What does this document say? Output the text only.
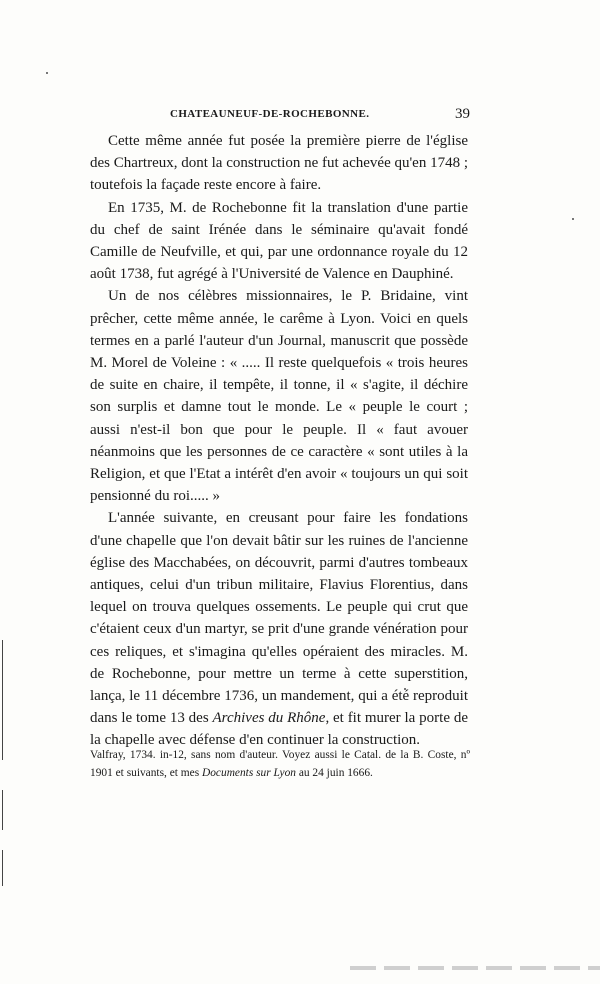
CHATEAUNEUF-DE-ROCHEBONNE.	39

Cette même année fut posée la première pierre de l'église des Chartreux, dont la construction ne fut achevée qu'en 1748 ; toutefois la façade reste encore à faire.

En 1735, M. de Rochebonne fit la translation d'une partie du chef de saint Irénée dans le séminaire qu'avait fondé Camille de Neufville, et qui, par une ordonnance royale du 12 août 1738, fut agrégé à l'Université de Valence en Dauphiné.

Un de nos célèbres missionnaires, le P. Bridaine, vint prêcher, cette même année, le carême à Lyon. Voici en quels termes en a parlé l'auteur d'un Journal, manuscrit que possède M. Morel de Voleine : « ..... Il reste quelquefois « trois heures de suite en chaire, il tempête, il tonne, il « s'agite, il déchire son surplis et damne tout le monde. Le « peuple le court ; aussi n'est-il bon que pour le peuple. Il « faut avouer néanmoins que les personnes de ce caractère « sont utiles à la Religion, et que l'Etat a intérêt d'en avoir « toujours un qui soit pensionné du roi..... »

L'année suivante, en creusant pour faire les fondations d'une chapelle que l'on devait bâtir sur les ruines de l'ancienne église des Macchabées, on découvrit, parmi d'autres tombeaux antiques, celui d'un tribun militaire, Flavius Florentius, dans lequel on trouva quelques ossements. Le peuple qui crut que c'étaient ceux d'un martyr, se prit d'une grande vénération pour ces reliques, et s'imagina qu'elles opéraient des miracles. M. de Rochebonne, pour mettre un terme à cette superstition, lança, le 11 décembre 1736, un mandement, qui a été reproduit dans le tome 13 des Archives du Rhône, et fit murer la porte de la chapelle avec défense d'en continuer la construction.

Valfray, 1734. in-12, sans nom d'auteur. Voyez aussi le Catal. de la B. Coste, nº 1901 et suivants, et mes Documents sur Lyon au 24 juin 1666.
